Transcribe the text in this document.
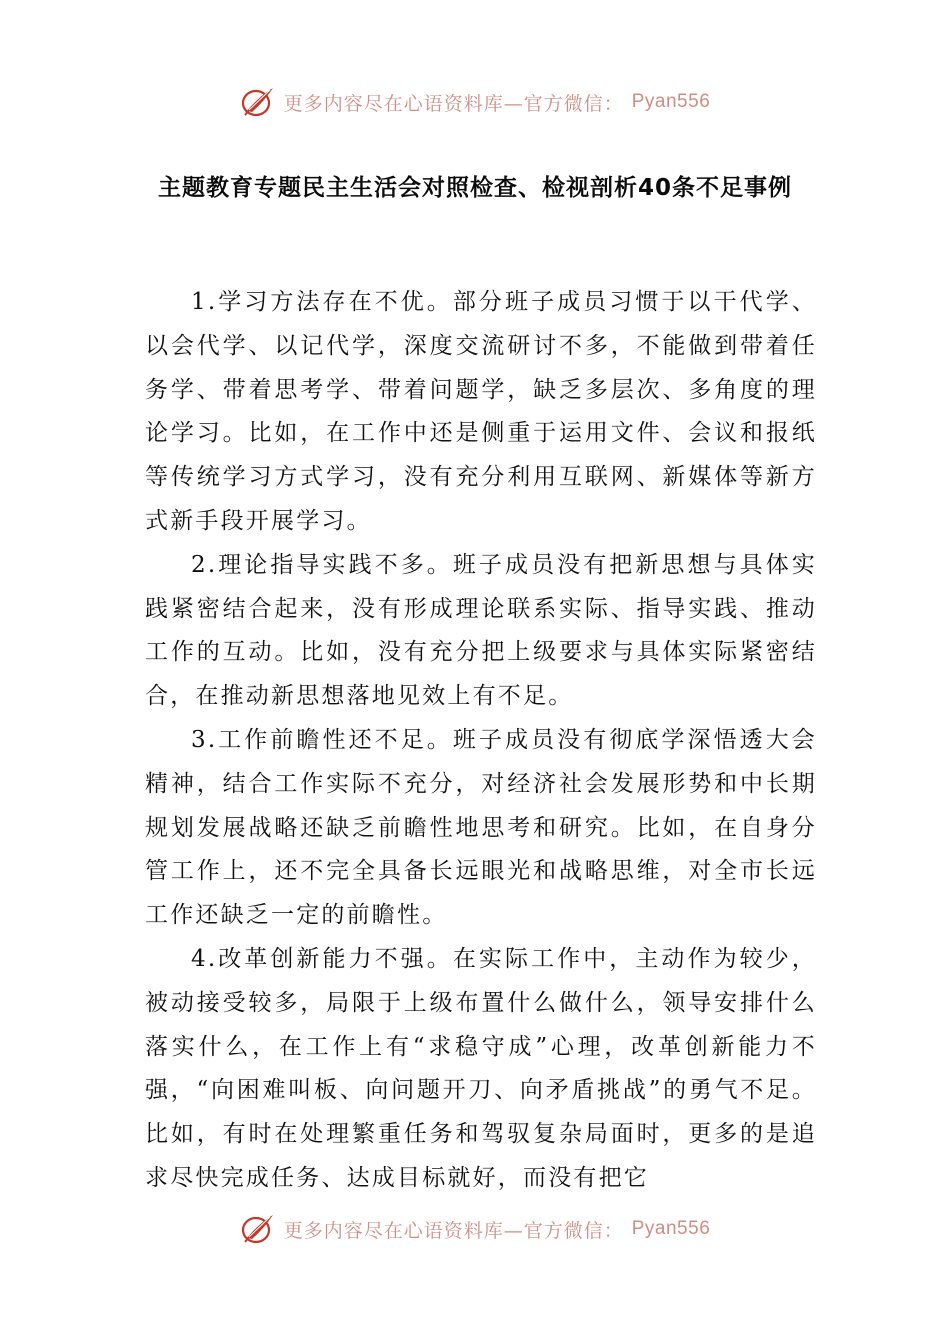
更多内容尽在心语资料库—官方微信： Pyan556
主题教育专题民主生活会对照检查、检视剖析40条不足事例

1.学习方法存在不优。部分班子成员习惯于以干代学、以会代学、以记代学，深度交流研讨不多，不能做到带着任务学、带着思考学、带着问题学，缺乏多层次、多角度的理论学习。比如，在工作中还是侧重于运用文件、会议和报纸等传统学习方式学习，没有充分利用互联网、新媒体等新方式新手段开展学习。

2.理论指导实践不多。班子成员没有把新思想与具体实践紧密结合起来，没有形成理论联系实际、指导实践、推动工作的互动。比如，没有充分把上级要求与具体实际紧密结合，在推动新思想落地见效上有不足。

3.工作前瞻性还不足。班子成员没有彻底学深悟透大会精神，结合工作实际不充分，对经济社会发展形势和中长期规划发展战略还缺乏前瞻性地思考和研究。比如，在自身分管工作上，还不完全具备长远眼光和战略思维，对全市长远工作还缺乏一定的前瞻性。

4.改革创新能力不强。在实际工作中，主动作为较少，被动接受较多，局限于上级布置什么做什么，领导安排什么落实什么，在工作上有“求稳守成”心理，改革创新能力不强，“向困难叫板、向问题开刀、向矛盾挑战”的勇气不足。比如，有时在处理繁重任务和驾驭复杂局面时，更多的是追求尽快完成任务、达成目标就好，而没有把它

更多内容尽在心语资料库—官方微信： Pyan556
